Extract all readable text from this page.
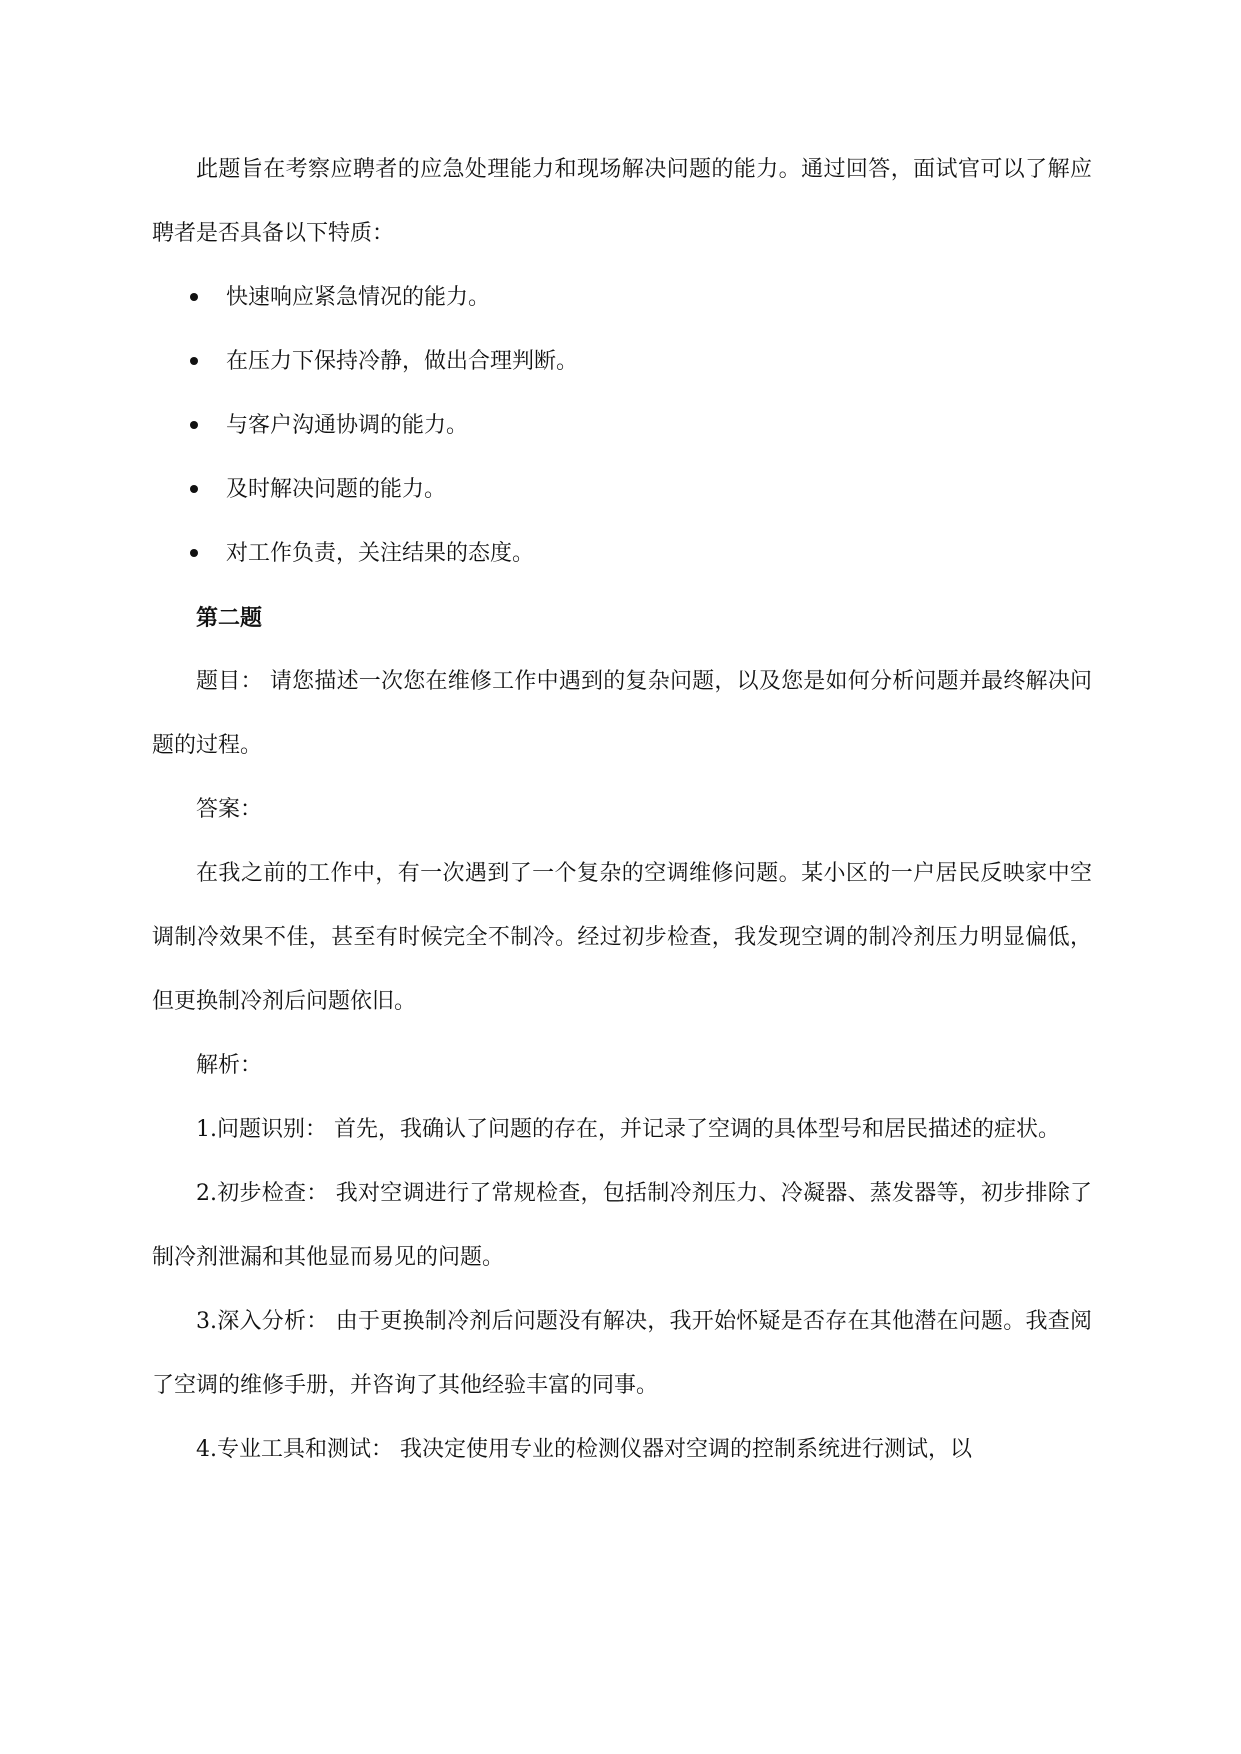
此题旨在考察应聘者的应急处理能力和现场解决问题的能力。通过回答，面试官可以了解应聘者是否具备以下特质：

快速响应紧急情况的能力。
在压力下保持冷静，做出合理判断。
与客户沟通协调的能力。
及时解决问题的能力。
对工作负责，关注结果的态度。

第二题

题目： 请您描述一次您在维修工作中遇到的复杂问题，以及您是如何分析问题并最终解决问题的过程。

答案：

在我之前的工作中，有一次遇到了一个复杂的空调维修问题。某小区的一户居民反映家中空调制冷效果不佳，甚至有时候完全不制冷。经过初步检查，我发现空调的制冷剂压力明显偏低，但更换制冷剂后问题依旧。

解析：

1.问题识别： 首先，我确认了问题的存在，并记录了空调的具体型号和居民描述的症状。

2.初步检查： 我对空调进行了常规检查，包括制冷剂压力、冷凝器、蒸发器等，初步排除了制冷剂泄漏和其他显而易见的问题。

3.深入分析： 由于更换制冷剂后问题没有解决，我开始怀疑是否存在其他潜在问题。我查阅了空调的维修手册，并咨询了其他经验丰富的同事。

4.专业工具和测试： 我决定使用专业的检测仪器对空调的控制系统进行测试，以
